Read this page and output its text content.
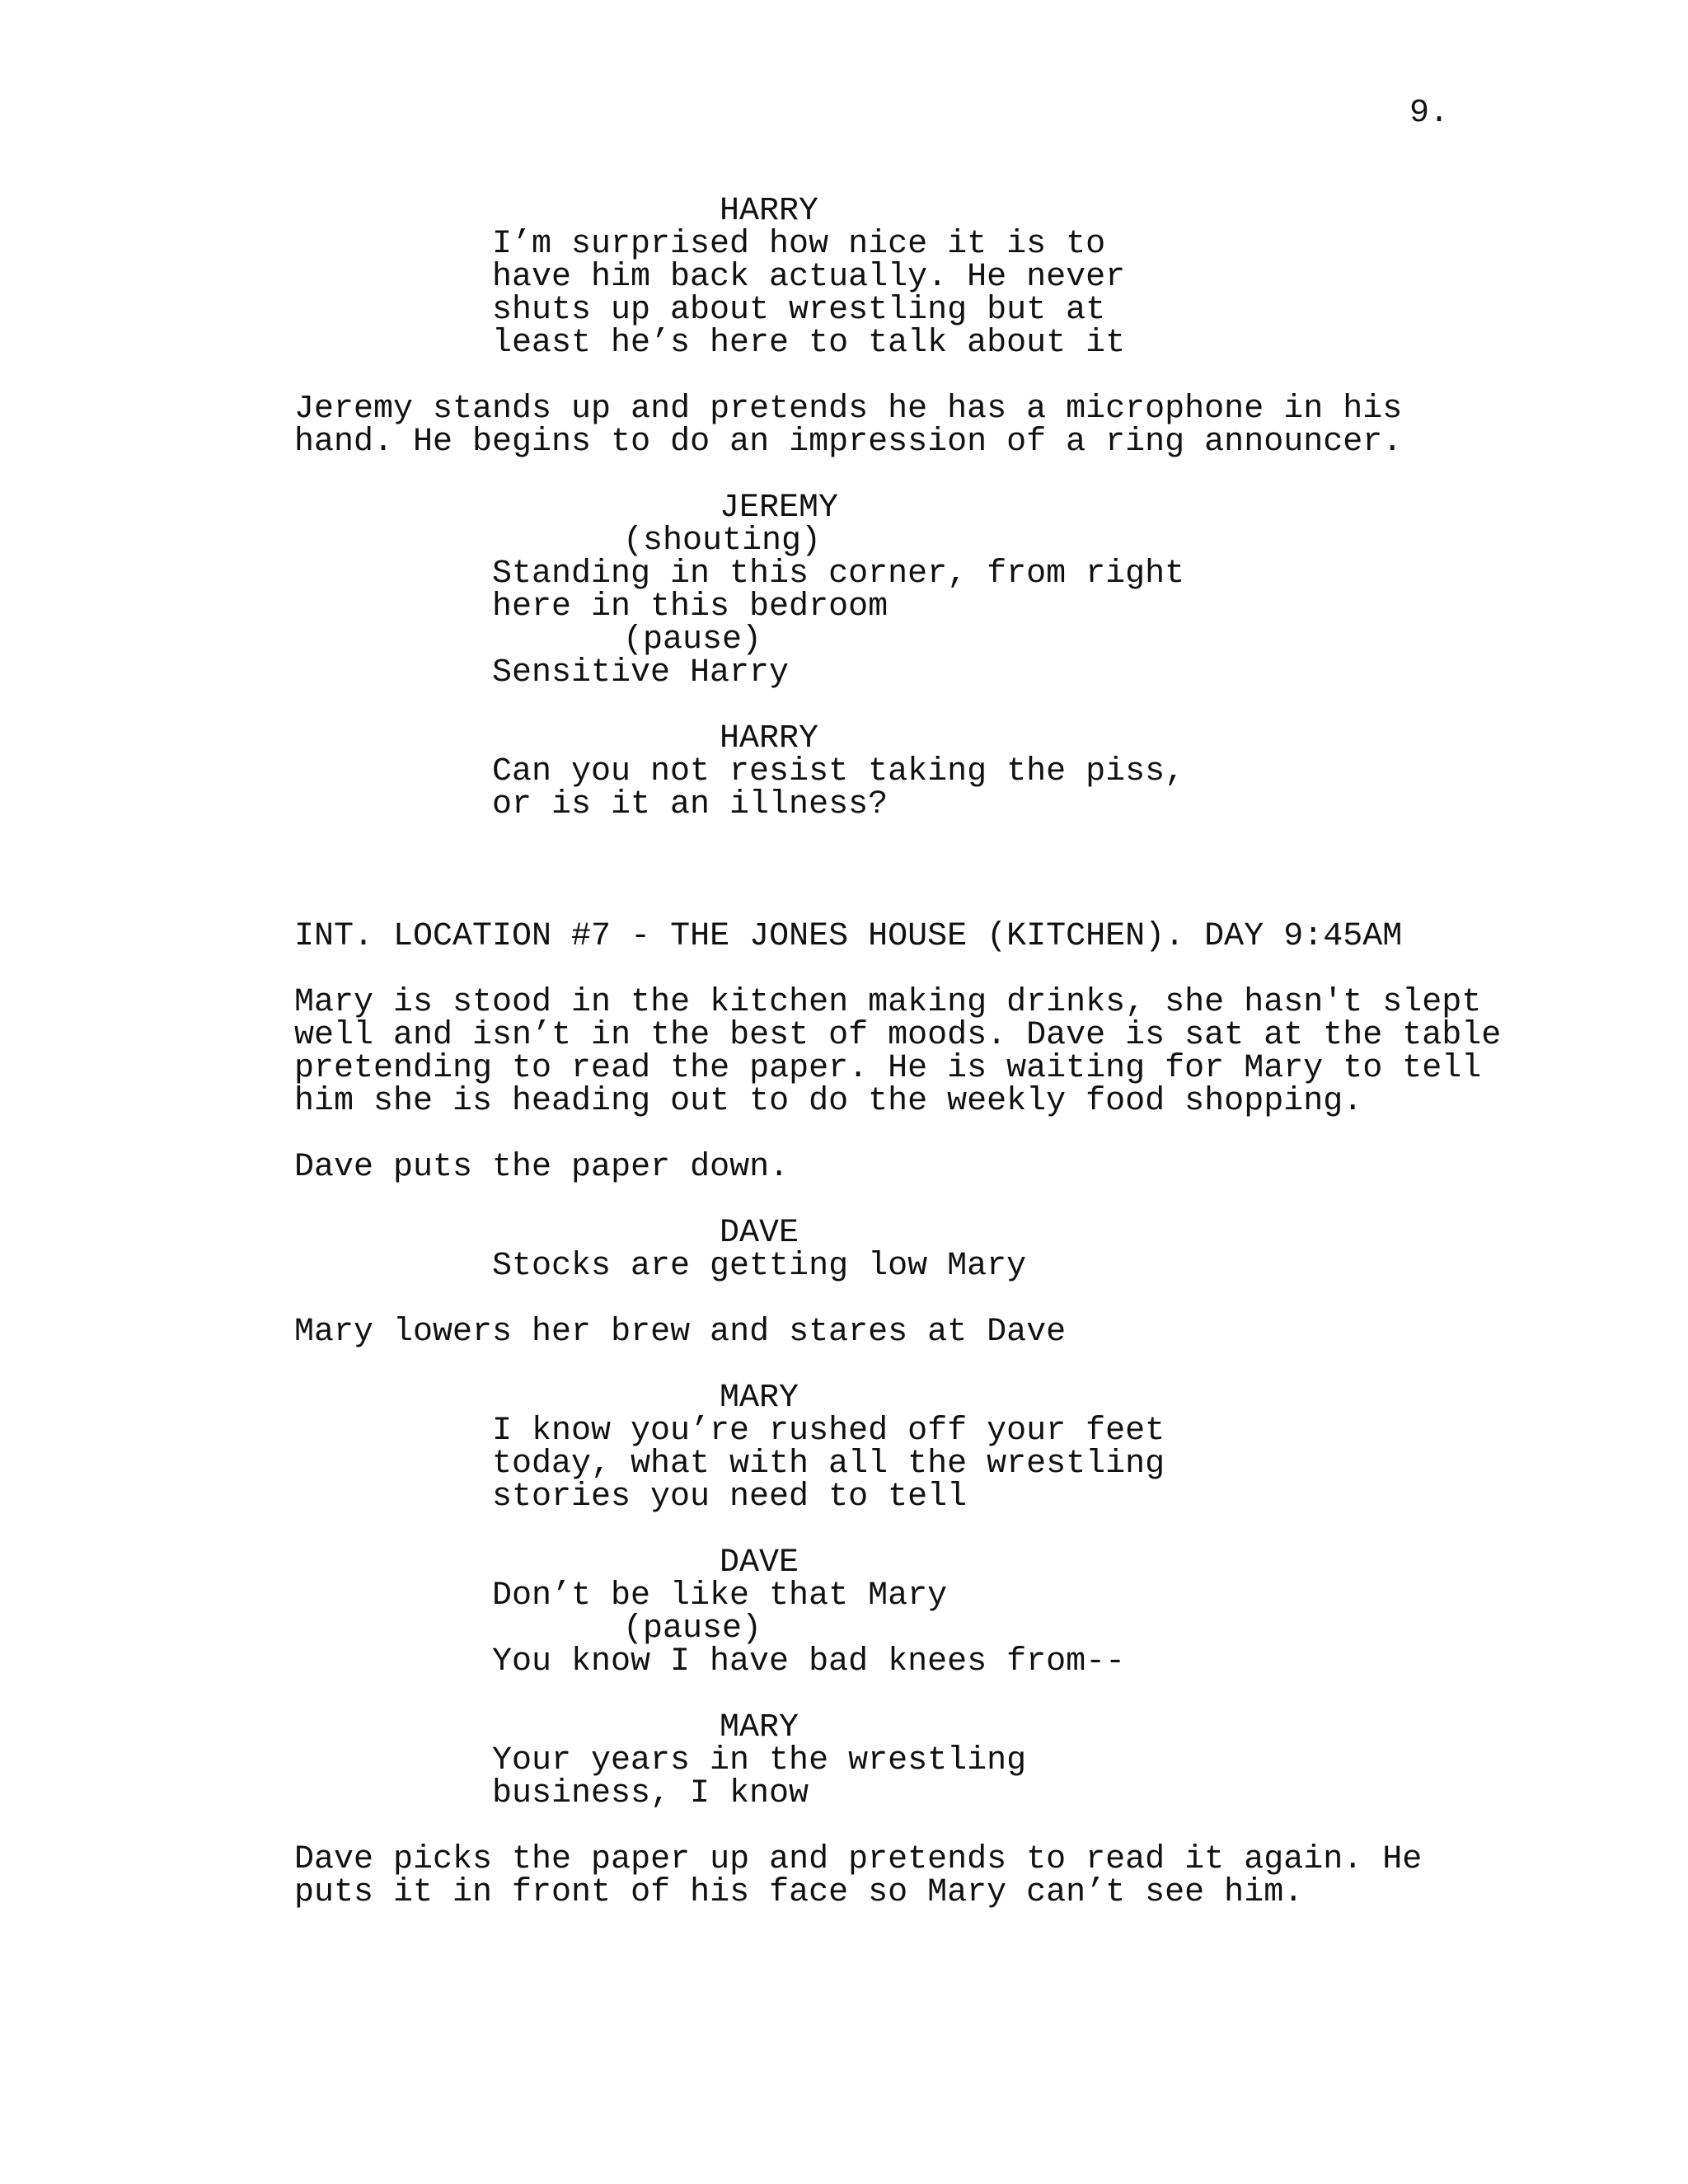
9.
HARRY
I’m surprised how nice it is to
have him back actually. He never
shuts up about wrestling but at
least he’s here to talk about it
Jeremy stands up and pretends he has a microphone in his
hand. He begins to do an impression of a ring announcer.
JEREMY
(shouting)
Standing in this corner, from right
here in this bedroom
(pause)
Sensitive Harry
HARRY
Can you not resist taking the piss,
or is it an illness?
INT. LOCATION #7 - THE JONES HOUSE (KITCHEN). DAY 9:45AM
Mary is stood in the kitchen making drinks, she hasn't slept
well and isn’t in the best of moods. Dave is sat at the table
pretending to read the paper. He is waiting for Mary to tell
him she is heading out to do the weekly food shopping.
Dave puts the paper down.
DAVE
Stocks are getting low Mary
Mary lowers her brew and stares at Dave
MARY
I know you’re rushed off your feet
today, what with all the wrestling
stories you need to tell
DAVE
Don’t be like that Mary
(pause)
You know I have bad knees from--
MARY
Your years in the wrestling
business, I know
Dave picks the paper up and pretends to read it again. He
puts it in front of his face so Mary can’t see him.
